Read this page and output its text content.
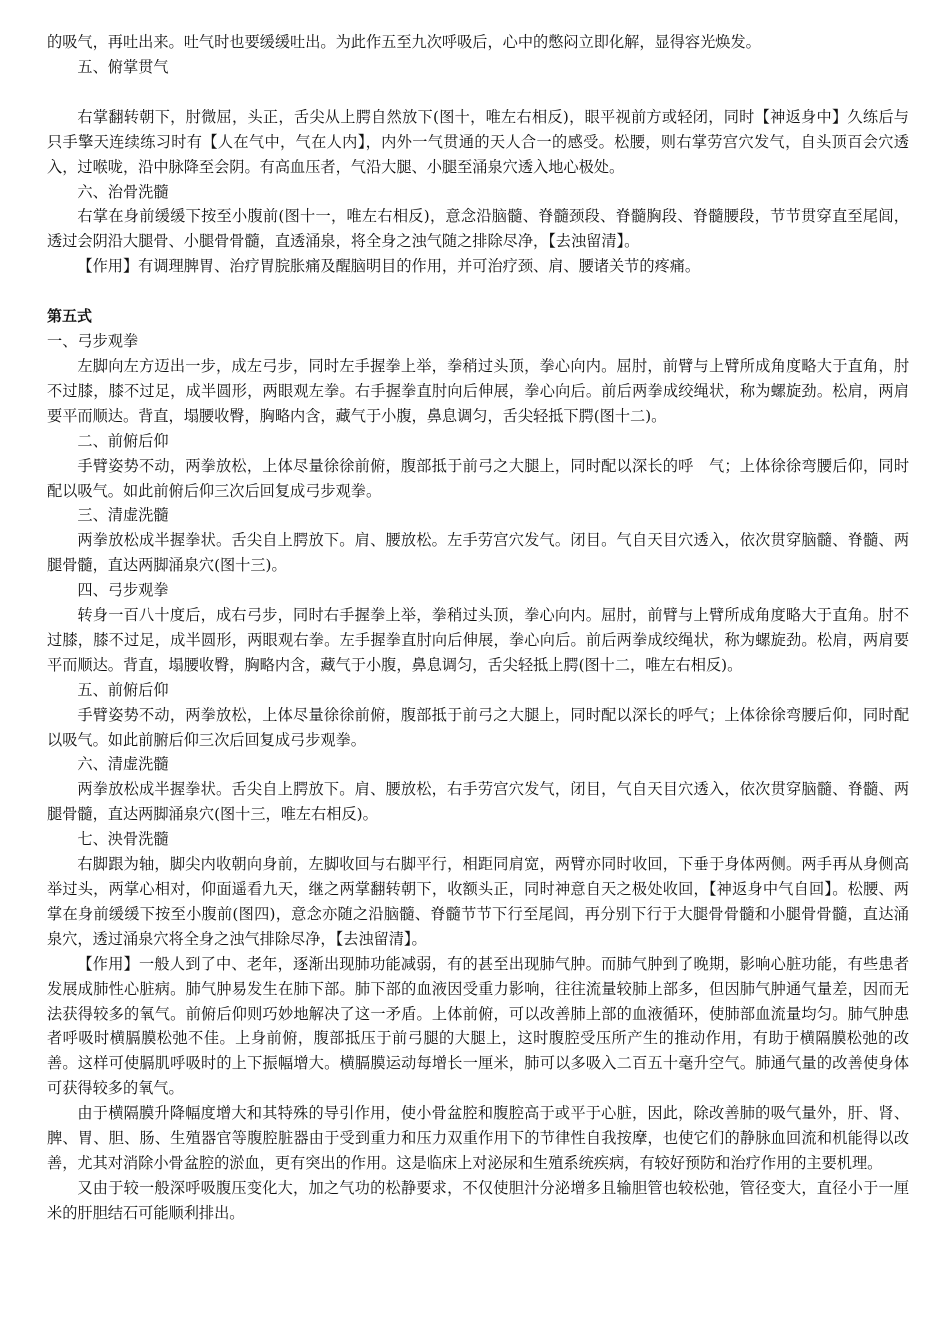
的吸气，再吐出来。吐气时也要缓缓吐出。为此作五至九次呼吸后，心中的憋闷立即化解，显得容光焕发。

五、俯掌贯气

右掌翻转朝下，肘微屈，头正，舌尖从上腭自然放下(图十，唯左右相反)，眼平视前方或轻闭，同时【神返身中】久练后与只手擎天连续练习时有【人在气中，气在人内】，内外一气贯通的天人合一的感受。松腰，则右掌劳宫穴发气，自头顶百会穴透入，过喉咙，沿中脉降至会阴。有高血压者，气沿大腿、小腿至涌泉穴透入地心极处。

六、治骨洗髓

右掌在身前缓缓下按至小腹前(图十一，唯左右相反)，意念沿脑髓、脊髓颈段、脊髓胸段、脊髓腰段，节节贯穿直至尾闾，透过会阴沿大腿骨、小腿骨骨髓，直透涌泉，将全身之浊气随之排除尽净，【去浊留清】。

【作用】有调理脾胃、治疗胃脘胀痛及醒脑明目的作用，并可治疗颈、肩、腰诸关节的疼痛。

第五式

一、弓步观拳

左脚向左方迈出一步，成左弓步，同时左手握拳上举，拳稍过头顶，拳心向内。屈肘，前臂与上臂所成角度略大于直角，肘不过膝，膝不过足，成半圆形，两眼观左拳。右手握拳直肘向后伸展，拳心向后。前后两拳成绞绳状，称为螺旋劲。松肩，两肩要平而顺达。背直，塌腰收臀，胸略内含，藏气于小腹，鼻息调匀，舌尖轻抵下腭(图十二)。

二、前俯后仰

手臂姿势不动，两拳放松，上体尽量徐徐前俯，腹部抵于前弓之大腿上，同时配以深长的呼　气；上体徐徐弯腰后仰，同时配以吸气。如此前俯后仰三次后回复成弓步观拳。

三、清虚洗髓

两拳放松成半握拳状。舌尖自上腭放下。肩、腰放松。左手劳宫穴发气。闭目。气自天目穴透入，依次贯穿脑髓、脊髓、两腿骨髓，直达两脚涌泉穴(图十三)。

四、弓步观拳

转身一百八十度后，成右弓步，同时右手握拳上举，拳稍过头顶，拳心向内。屈肘，前臂与上臂所成角度略大于直角。肘不过膝，膝不过足，成半圆形，两眼观右拳。左手握拳直肘向后伸展，拳心向后。前后两拳成绞绳状，称为螺旋劲。松肩，两肩要平而顺达。背直，塌腰收臀，胸略内含，藏气于小腹，鼻息调匀，舌尖轻抵上腭(图十二，唯左右相反)。

五、前俯后仰

手臂姿势不动，两拳放松，上体尽量徐徐前俯，腹部抵于前弓之大腿上，同时配以深长的呼气；上体徐徐弯腰后仰，同时配以吸气。如此前腑后仰三次后回复成弓步观拳。

六、清虚洗髓

两拳放松成半握拳状。舌尖自上腭放下。肩、腰放松，右手劳宫穴发气，闭目，气自天目穴透入，依次贯穿脑髓、脊髓、两腿骨髓，直达两脚涌泉穴(图十三，唯左右相反)。

七、泱骨洗髓

右脚跟为轴，脚尖内收朝向身前，左脚收回与右脚平行，相距同肩宽，两臂亦同时收回，下垂于身体两侧。两手再从身侧高举过头，两掌心相对，仰面遥看九天，继之两掌翻转朝下，收额头正，同时神意自天之极处收回，【神返身中气自回】。松腰、两掌在身前缓缓下按至小腹前(图四)，意念亦随之沿脑髓、脊髓节节下行至尾闾，再分别下行于大腿骨骨髓和小腿骨骨髓，直达涌泉穴，透过涌泉穴将全身之浊气排除尽净，【去浊留清】。

【作用】一般人到了中、老年，逐渐出现肺功能减弱，有的甚至出现肺气肿。而肺气肿到了晚期，影响心脏功能，有些患者发展成肺性心脏病。肺气肿易发生在肺下部。肺下部的血液因受重力影响，往往流量较肺上部多，但因肺气肿通气量差，因而无法获得较多的氧气。前俯后仰则巧妙地解决了这一矛盾。上体前俯，可以改善肺上部的血液循环，使肺部血流量均匀。肺气肿患者呼吸时横膈膜松弛不佳。上身前俯，腹部抵压于前弓腿的大腿上，这时腹腔受压所产生的推动作用，有助于横隔膜松弛的改善。这样可使膈肌呼吸时的上下振幅增大。横膈膜运动每增长一厘米，肺可以多吸入二百五十毫升空气。肺通气量的改善使身体可获得较多的氧气。

由于横隔膜升降幅度增大和其特殊的导引作用，使小骨盆腔和腹腔高于或平于心脏，因此，除改善肺的吸气量外，肝、肾、脾、胃、胆、肠、生殖器官等腹腔脏器由于受到重力和压力双重作用下的节律性自我按摩，也使它们的静脉血回流和机能得以改善，尤其对消除小骨盆腔的淤血，更有突出的作用。这是临床上对泌尿和生殖系统疾病，有较好预防和治疗作用的主要机理。

又由于较一般深呼吸腹压变化大，加之气功的松静要求，不仅使胆汁分泌增多且输胆管也较松弛，管径变大，直径小于一厘米的肝胆结石可能顺利排出。
